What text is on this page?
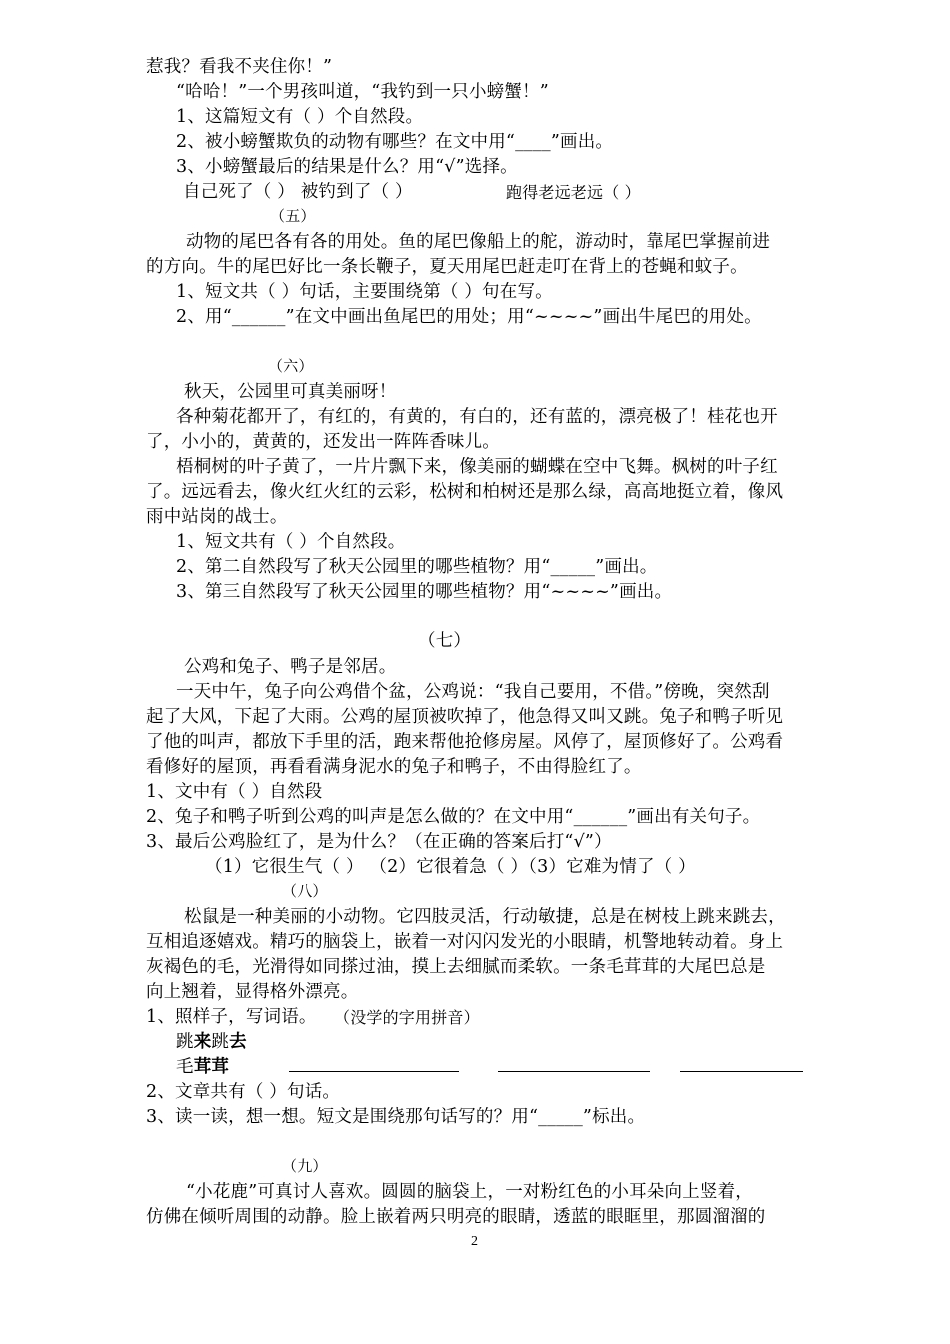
惹我？看我不夹住你！”
“哈哈！”一个男孩叫道，“我钓到一只小螃蟹！”
1、这篇短文有（ ）个自然段。
2、被小螃蟹欺负的动物有哪些？在文中用“____”画出。
3、小螃蟹最后的结果是什么？用“√”选择。
自己死了（ ） 被钓到了（ ）	跑得老远老远（ ）
（五）
动物的尾巴各有各的用处。鱼的尾巴像船上的舵，游动时，靠尾巴掌握前进
的方向。牛的尾巴好比一条长鞭子，夏天用尾巴赶走叮在背上的苍蝇和蚊子。
1、短文共（ ）句话，主要围绕第（ ）句在写。
2、用“______”在文中画出鱼尾巴的用处；用“~~~~”画出牛尾巴的用处。
（六）
秋天，公园里可真美丽呀！
各种菊花都开了，有红的，有黄的，有白的，还有蓝的，漂亮极了！桂花也开
了，小小的，黄黄的，还发出一阵阵香味儿。
梧桐树的叶子黄了，一片片飘下来，像美丽的蝴蝶在空中飞舞。枫树的叶子红
了。远远看去，像火红火红的云彩，松树和柏树还是那么绿，高高地挺立着，像风
雨中站岗的战士。
1、短文共有（ ）个自然段。
2、第二自然段写了秋天公园里的哪些植物？用“_____”画出。
3、第三自然段写了秋天公园里的哪些植物？用“~~~~”画出。
（七）
公鸡和兔子、鸭子是邻居。
一天中午，兔子向公鸡借个盆，公鸡说：“我自己要用，不借。”傍晚，突然刮
起了大风，下起了大雨。公鸡的屋顶被吹掉了，他急得又叫又跳。兔子和鸭子听见
了他的叫声，都放下手里的活，跑来帮他抢修房屋。风停了，屋顶修好了。公鸡看
看修好的屋顶，再看看满身泥水的兔子和鸭子，不由得脸红了。
1、文中有（ ）自然段
2、兔子和鸭子听到公鸡的叫声是怎么做的？在文中用“______”画出有关句子。
3、最后公鸡脸红了，是为什么？（在正确的答案后打“√”）
（1）它很生气（ ） （2）它很着急（ ）（3）它难为情了（ ）
（八）
松鼠是一种美丽的小动物。它四肢灵活，行动敏捷，总是在树枝上跳来跳去，
互相追逐嬉戏。精巧的脑袋上，嵌着一对闪闪发光的小眼睛，机警地转动着。身上
灰褐色的毛，光滑得如同搽过油，摸上去细腻而柔软。一条毛茸茸的大尾巴总是
向上翘着，显得格外漂亮。
1、照样子，写词语。 （没学的字用拼音）
跳来跳去
毛茸茸
2、文章共有（ ）句话。
3、读一读，想一想。短文是围绕那句话写的？用“_____”标出。
（九）
“小花鹿”可真讨人喜欢。圆圆的脑袋上，一对粉红色的小耳朵向上竖着，
仿佛在倾听周围的动静。脸上嵌着两只明亮的眼睛，透蓝的眼眶里，那圆溜溜的
2
